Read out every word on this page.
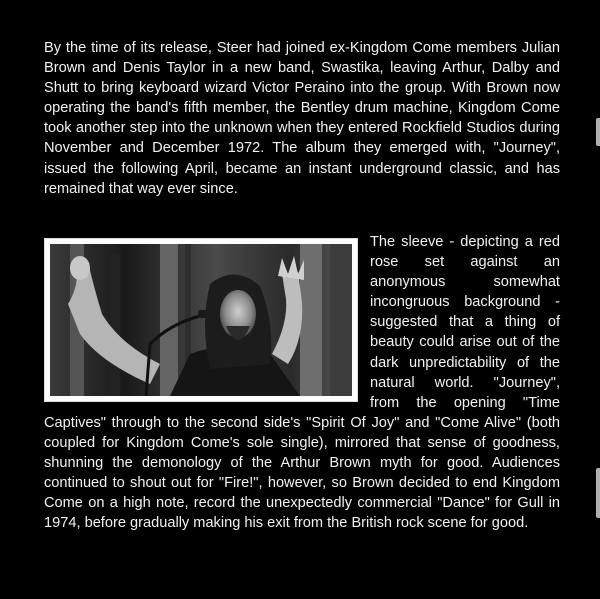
By the time of its release, Steer had joined ex-Kingdom Come members Julian Brown and Denis Taylor in a new band, Swastika, leaving Arthur, Dalby and Shutt to bring keyboard wizard Victor Peraino into the group. With Brown now operating the band's fifth member, the Bentley drum machine, Kingdom Come took another step into the unknown when they entered Rockfield Studios during November and December 1972. The album they emerged with, "Journey", issued the following April, became an instant underground classic, and has remained that way ever since.

The sleeve - depicting a red rose set against an anonymous somewhat incongruous background - suggested that a thing of beauty could arise out of the dark unpredictability of the natural world. "Journey", from the opening "Time Captives" through to the second side's "Spirit Of Joy" and "Come Alive" (both coupled for Kingdom Come's sole single), mirrored that sense of goodness, shunning the demonology of the Arthur Brown myth for good. Audiences continued to shout out for "Fire!", however, so Brown decided to end Kingdom Come on a high note, record the unexpectedly commercial "Dance" for Gull in 1974, before gradually making his exit from the British rock scene for good.
